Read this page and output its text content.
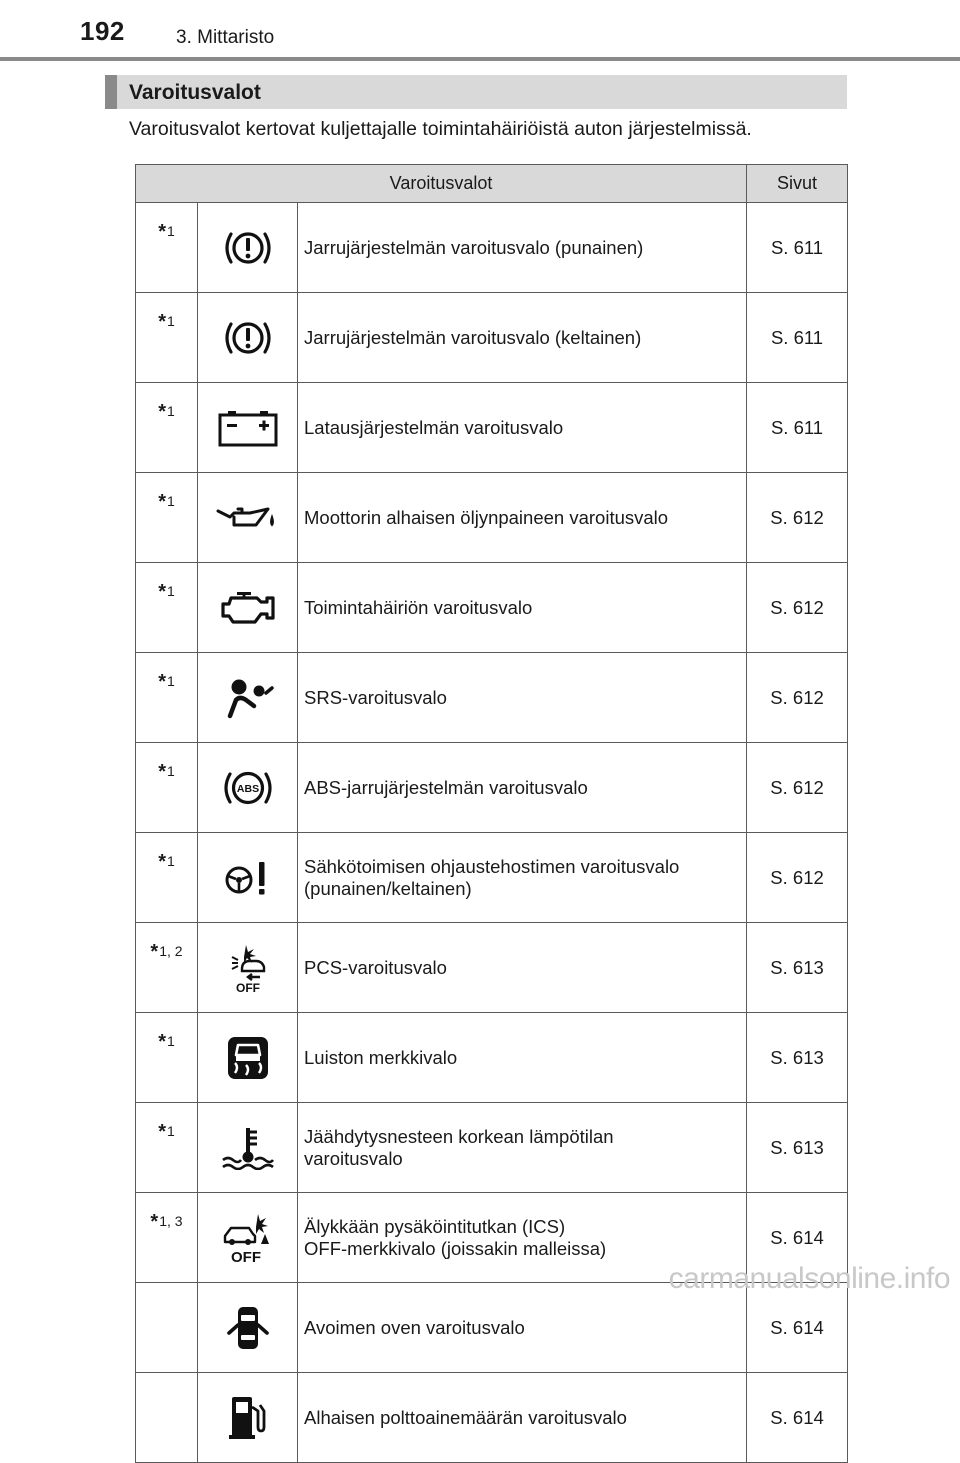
192	3. Mittaristo
Varoitusvalot
Varoitusvalot kertovat kuljettajalle toimintahäiriöistä auton järjestelmissä.
Varoitusvalot			Sivut
*1		Jarrujärjestelmän varoitusvalo (punainen)	S. 611
*1		Jarrujärjestelmän varoitusvalo (keltainen)	S. 611
*1		Latausjärjestelmän varoitusvalo	S. 611
*1		Moottorin alhaisen öljynpaineen varoitusvalo	S. 612
*1		Toimintahäiriön varoitusvalo	S. 612
*1		SRS-varoitusvalo	S. 612
*1	ABS	ABS-jarrujärjestelmän varoitusvalo	S. 612
*1		Sähkötoimisen ohjaustehostimen varoitusvalo
(punainen/keltainen)	S. 612
*1, 2	OFF	PCS-varoitusvalo	S. 613
*1		Luiston merkkivalo	S. 613
*1		Jäähdytysnesteen korkean lämpötilan
varoitusvalo	S. 613
*1, 3	OFF	Älykkään pysäköintitutkan (ICS)
OFF-merkkivalo (joissakin malleissa)	S. 614

Avoimen oven varoitusvalo	S. 614

Alhaisen polttoainemäärän varoitusvalo	S. 614
carmanualsonline.info
